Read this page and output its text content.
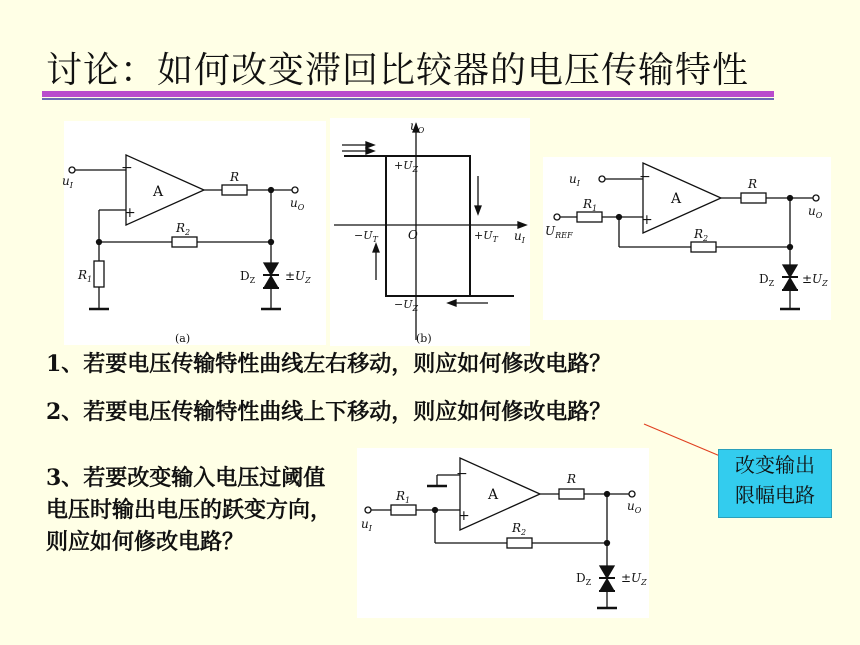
讨论：如何改变滞回比较器的电压传输特性
$u_I$
−
+
A
R
$u_O$
$R_2$
$R_1$	$D_Z \pm U_Z$
(a)
$u_O$
$u_I$
O
$+U_Z$
$-U_Z$
$-U_T$	$+U_T$
(b)
$u_I$	−
+
A
R
$u_O$
$U_{REF}$
$R_1$
$R_2$
$D_Z \pm U_Z$
1、若要电压传输特性曲线左右移动，则应如何修改电路？
2、若要电压传输特性曲线上下移动，则应如何修改电路？
3、若要改变输入电压过阈值电压时输出电压的跃变方向，则应如何修改电路？
改变输出
限幅电路
−
+
A
$u_I$
$R_1$
R
$u_O$
$R_2$
$D_Z \pm U_Z$
